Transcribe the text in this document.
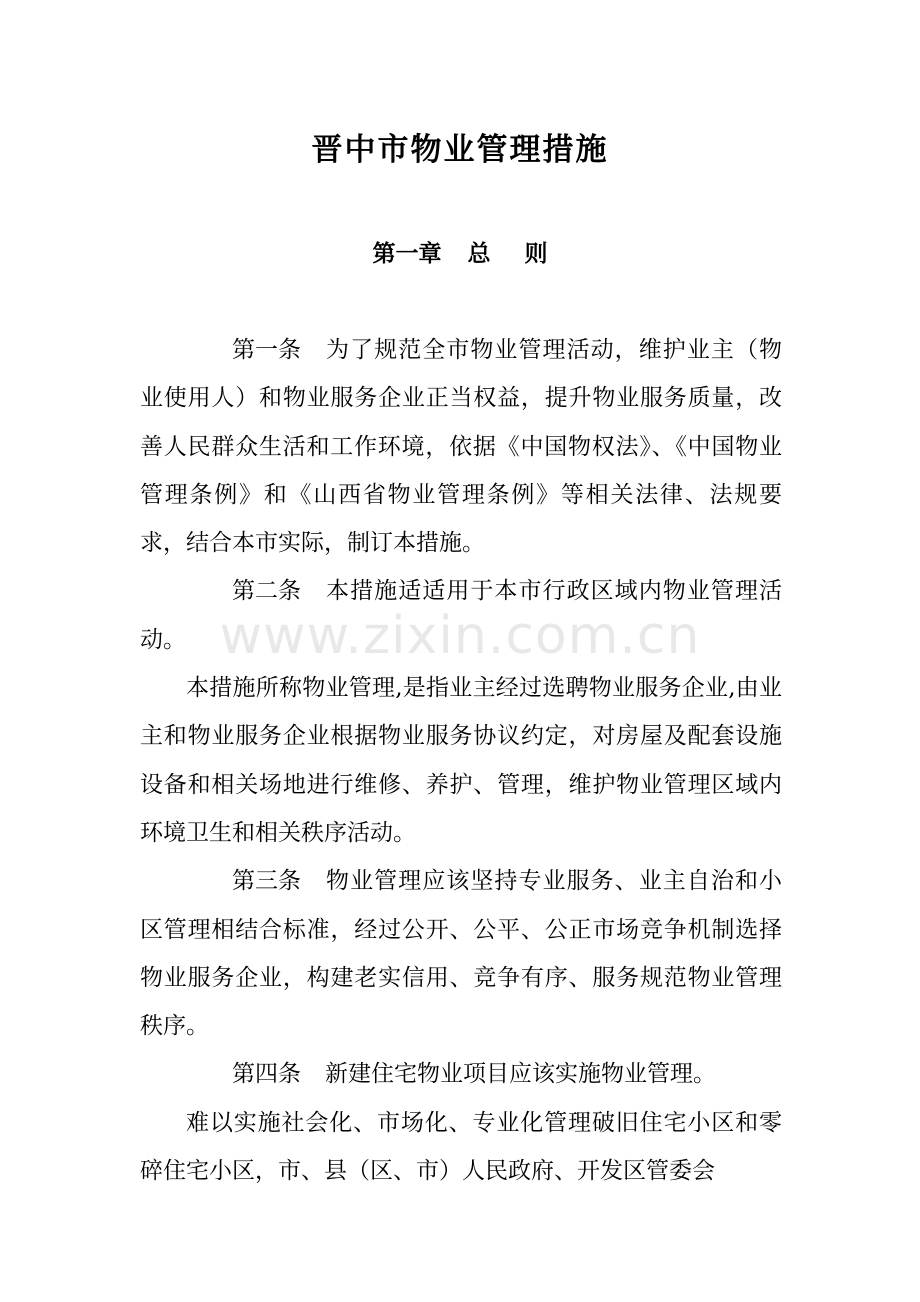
晋中市物业管理措施
第一章 总 则

第一条 为了规范全市物业管理活动，维护业主（物业使用人）和物业服务企业正当权益，提升物业服务质量，改善人民群众生活和工作环境，依据《中国物权法》、《中国物业管理条例》和《山西省物业管理条例》等相关法律、法规要求，结合本市实际，制订本措施。

第二条 本措施适适用于本市行政区域内物业管理活动。

本措施所称物业管理,是指业主经过选聘物业服务企业,由业主和物业服务企业根据物业服务协议约定，对房屋及配套设施设备和相关场地进行维修、养护、管理，维护物业管理区域内环境卫生和相关秩序活动。

第三条 物业管理应该坚持专业服务、业主自治和小区管理相结合标准，经过公开、公平、公正市场竞争机制选择物业服务企业，构建老实信用、竞争有序、服务规范物业管理秩序。

第四条 新建住宅物业项目应该实施物业管理。

难以实施社会化、市场化、专业化管理破旧住宅小区和零碎住宅小区，市、县（区、市）人民政府、开发区管委会

www.zixin.com.cn
